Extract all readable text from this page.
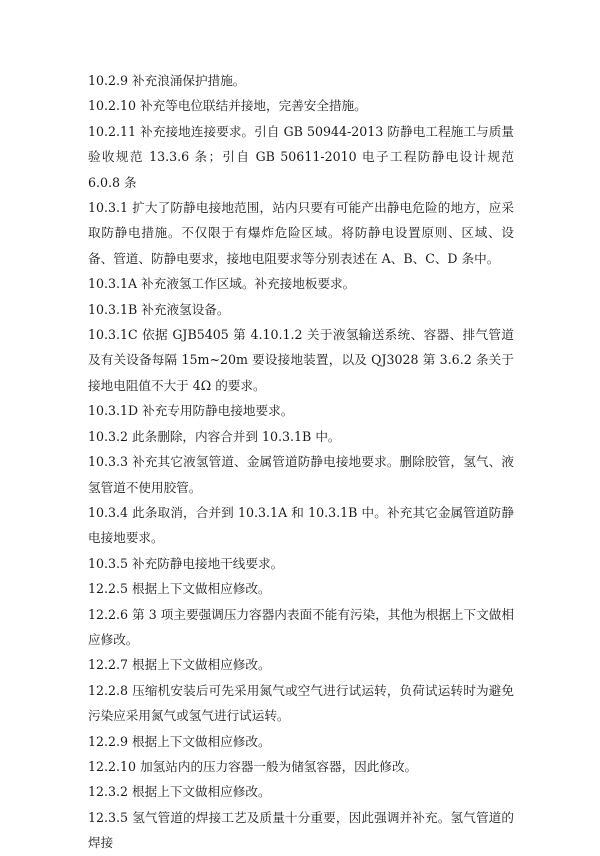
10.2.9 补充浪涌保护措施。

10.2.10 补充等电位联结并接地，完善安全措施。

10.2.11 补充接地连接要求。引自 GB 50944-2013 防静电工程施工与质量验收规范 13.3.6 条；引自 GB 50611-2010 电子工程防静电设计规范 6.0.8 条

10.3.1 扩大了防静电接地范围，站内只要有可能产出静电危险的地方，应采取防静电措施。不仅限于有爆炸危险区域。将防静电设置原则、区域、设备、管道、防静电要求，接地电阻要求等分别表述在 A、B、C、D 条中。

10.3.1A 补充液氢工作区域。补充接地板要求。

10.3.1B 补充液氢设备。

10.3.1C 依据 GJB5405 第 4.10.1.2 关于液氢输送系统、容器、排气管道及有关设备每隔 15m~20m 要设接地装置，以及 QJ3028 第 3.6.2 条关于接地电阻值不大于 4Ω 的要求。

10.3.1D 补充专用防静电接地要求。

10.3.2 此条删除，内容合并到 10.3.1B 中。

10.3.3 补充其它液氢管道、金属管道防静电接地要求。删除胶管，氢气、液氢管道不使用胶管。

10.3.4 此条取消，合并到 10.3.1A 和 10.3.1B 中。补充其它金属管道防静电接地要求。

10.3.5 补充防静电接地干线要求。

12.2.5 根据上下文做相应修改。

12.2.6 第 3 项主要强调压力容器内表面不能有污染，其他为根据上下文做相应修改。

12.2.7 根据上下文做相应修改。

12.2.8 压缩机安装后可先采用氮气或空气进行试运转，负荷试运转时为避免污染应采用氮气或氢气进行试运转。

12.2.9 根据上下文做相应修改。

12.2.10 加氢站内的压力容器一般为储氢容器，因此修改。

12.3.2 根据上下文做相应修改。

12.3.5 氢气管道的焊接工艺及质量十分重要，因此强调并补充。氢气管道的焊接
